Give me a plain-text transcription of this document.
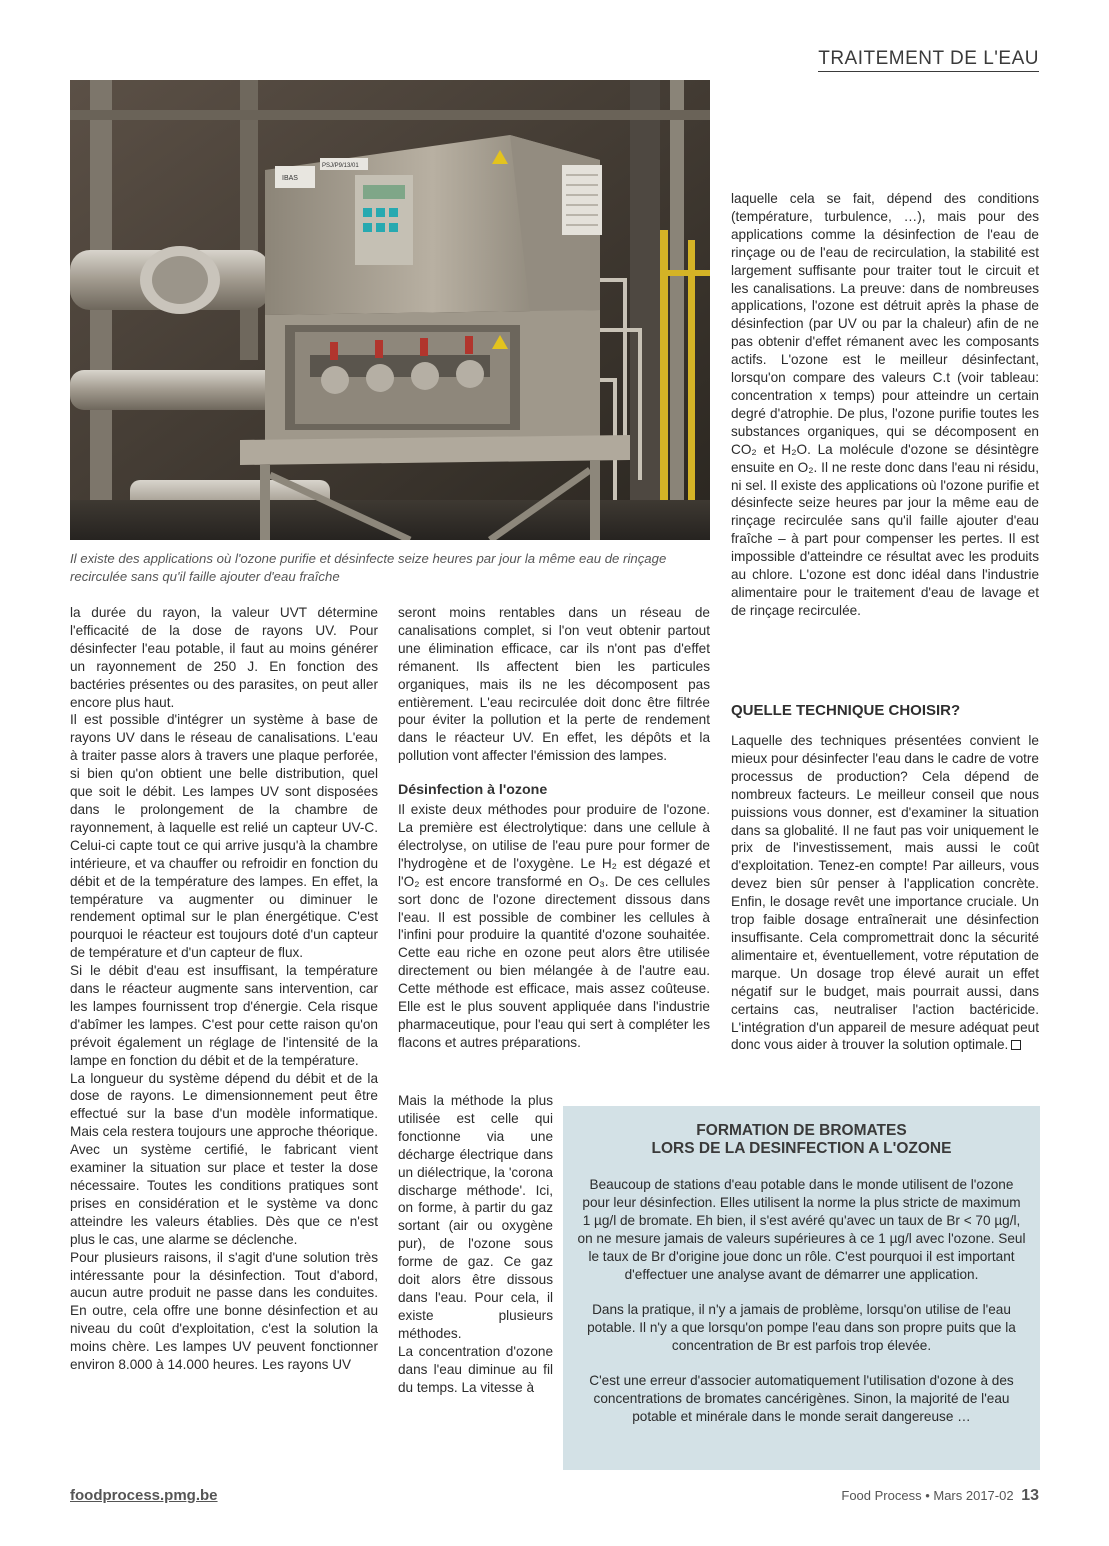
TRAITEMENT DE L'EAU
IBAS
PSJ/P9/13/01
Il existe des applications où l'ozone purifie et désinfecte seize heures par jour la même eau de rinçage recirculée sans qu'il faille ajouter d'eau fraîche

la durée du rayon, la valeur UVT détermine l'efficacité de la dose de rayons UV. Pour désinfecter l'eau potable, il faut au moins générer un rayonnement de 250 J. En fonction des bactéries présentes ou des parasites, on peut aller encore plus haut.

Il est possible d'intégrer un système à base de rayons UV dans le réseau de canalisations. L'eau à traiter passe alors à travers une plaque perforée, si bien qu'on obtient une belle distribution, quel que soit le débit. Les lampes UV sont disposées dans le prolongement de la chambre de rayonnement, à laquelle est relié un capteur UV-C. Celui-ci capte tout ce qui arrive jusqu'à la chambre intérieure, et va chauffer ou refroidir en fonction du débit et de la température des lampes. En effet, la température va augmenter ou diminuer le rendement optimal sur le plan énergétique. C'est pourquoi le réacteur est toujours doté d'un capteur de température et d'un capteur de flux.

Si le débit d'eau est insuffisant, la température dans le réacteur augmente sans intervention, car les lampes fournissent trop d'énergie. Cela risque d'abîmer les lampes. C'est pour cette raison qu'on prévoit également un réglage de l'intensité de la lampe en fonction du débit et de la température.

La longueur du système dépend du débit et de la dose de rayons. Le dimensionnement peut être effectué sur la base d'un modèle informatique. Mais cela restera toujours une approche théorique. Avec un système certifié, le fabricant vient examiner la situation sur place et tester la dose nécessaire. Toutes les conditions pratiques sont prises en considération et le système va donc atteindre les valeurs établies. Dès que ce n'est plus le cas, une alarme se déclenche.

Pour plusieurs raisons, il s'agit d'une solution très intéressante pour la désinfection. Tout d'abord, aucun autre produit ne passe dans les conduites. En outre, cela offre une bonne désinfection et au niveau du coût d'exploitation, c'est la solution la moins chère. Les lampes UV peuvent fonctionner environ 8.000 à 14.000 heures. Les rayons UV

seront moins rentables dans un réseau de canalisations complet, si l'on veut obtenir partout une élimination efficace, car ils n'ont pas d'effet rémanent. Ils affectent bien les particules organiques, mais ils ne les décomposent pas entièrement. L'eau recirculée doit donc être filtrée pour éviter la pollution et la perte de rendement dans le réacteur UV. En effet, les dépôts et la pollution vont affecter l'émission des lampes.

Désinfection à l'ozone

Il existe deux méthodes pour produire de l'ozone. La première est électrolytique: dans une cellule à électrolyse, on utilise de l'eau pure pour former de l'hydrogène et de l'oxygène. Le H₂ est dégazé et l'O₂ est encore transformé en O₃. De ces cellules sort donc de l'ozone directement dissous dans l'eau. Il est possible de combiner les cellules à l'infini pour produire la quantité d'ozone souhaitée. Cette eau riche en ozone peut alors être utilisée directement ou bien mélangée à de l'autre eau. Cette méthode est efficace, mais assez coûteuse. Elle est le plus souvent appliquée dans l'industrie pharmaceutique, pour l'eau qui sert à compléter les flacons et autres préparations.

Mais la méthode la plus utilisée est celle qui fonctionne via une décharge électrique dans un diélectrique, la 'corona discharge méthode'. Ici, on forme, à partir du gaz sortant (air ou oxygène pur), de l'ozone sous forme de gaz. Ce gaz doit alors être dissous dans l'eau. Pour cela, il existe plusieurs méthodes.

La concentration d'ozone dans l'eau diminue au fil du temps. La vitesse à

laquelle cela se fait, dépend des conditions (température, turbulence, …), mais pour des applications comme la désinfection de l'eau de rinçage ou de l'eau de recirculation, la stabilité est largement suffisante pour traiter tout le circuit et les canalisations. La preuve: dans de nombreuses applications, l'ozone est détruit après la phase de désinfection (par UV ou par la chaleur) afin de ne pas obtenir d'effet rémanent avec les composants actifs. L'ozone est le meilleur désinfectant, lorsqu'on compare des valeurs C.t (voir tableau: concentration x temps) pour atteindre un certain degré d'atrophie. De plus, l'ozone purifie toutes les substances organiques, qui se décomposent en CO₂ et H₂O. La molécule d'ozone se désintègre ensuite en O₂. Il ne reste donc dans l'eau ni résidu, ni sel. Il existe des applications où l'ozone purifie et désinfecte seize heures par jour la même eau de rinçage recirculée sans qu'il faille ajouter d'eau fraîche – à part pour compenser les pertes. Il est impossible d'atteindre ce résultat avec les produits au chlore. L'ozone est donc idéal dans l'industrie alimentaire pour le traitement d'eau de lavage et de rinçage recirculée.

QUELLE TECHNIQUE CHOISIR?

Laquelle des techniques présentées convient le mieux pour désinfecter l'eau dans le cadre de votre processus de production? Cela dépend de nombreux facteurs. Le meilleur conseil que nous puissions vous donner, est d'examiner la situation dans sa globalité. Il ne faut pas voir uniquement le prix de l'investissement, mais aussi le coût d'exploitation. Tenez-en compte! Par ailleurs, vous devez bien sûr penser à l'application concrète. Enfin, le dosage revêt une importance cruciale. Un trop faible dosage entraînerait une désinfection insuffisante. Cela compromettrait donc la sécurité alimentaire et, éventuellement, votre réputation de marque. Un dosage trop élevé aurait un effet négatif sur le budget, mais pourrait aussi, dans certains cas, neutraliser l'action bactéricide. L'intégration d'un appareil de mesure adéquat peut donc vous aider à trouver la solution optimale.

FORMATION DE BROMATES
LORS DE LA DESINFECTION A L'OZONE

Beaucoup de stations d'eau potable dans le monde utilisent de l'ozone pour leur désinfection. Elles utilisent la norme la plus stricte de maximum 1 µg/l de bromate. Eh bien, il s'est avéré qu'avec un taux de Br < 70 µg/l, on ne mesure jamais de valeurs supérieures à ce 1 µg/l avec l'ozone. Seul le taux de Br d'origine joue donc un rôle. C'est pourquoi il est important d'effectuer une analyse avant de démarrer une application.

Dans la pratique, il n'y a jamais de problème, lorsqu'on utilise de l'eau potable. Il n'y a que lorsqu'on pompe l'eau dans son propre puits que la concentration de Br est parfois trop élevée.

C'est une erreur d'associer automatiquement l'utilisation d'ozone à des concentrations de bromates cancérigènes. Sinon, la majorité de l'eau potable et minérale dans le monde serait dangereuse …

foodprocess.pmg.be	Food Process • Mars 2017-02 13
